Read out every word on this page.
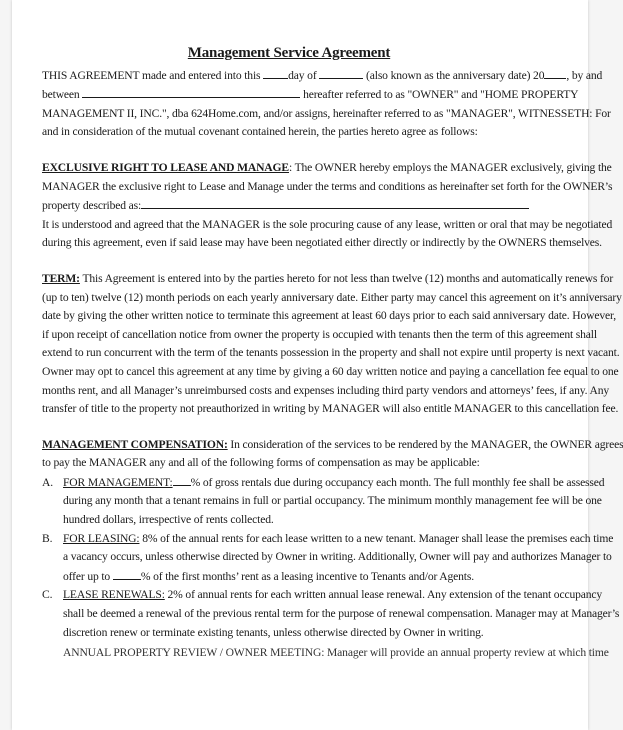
Management Service Agreement
THIS AGREEMENT made and entered into this day of	(also known as the anniversary date) 20 , by and
between	hereafter referred to as "OWNER" and "HOME PROPERTY
MANAGEMENT II, INC.", dba 624Home.com, and/or assigns, hereinafter referred to as "MANAGER", WITNESSETH: For
and in consideration of the mutual covenant contained herein, the parties hereto agree as follows:
EXCLUSIVE RIGHT TO LEASE AND MANAGE: The OWNER hereby employs the MANAGER exclusively, giving the
MANAGER the exclusive right to Lease and Manage under the terms and conditions as hereinafter set forth for the OWNER’s
property described as:
It is understood and agreed that the MANAGER is the sole procuring cause of any lease, written or oral that may be negotiated
during this agreement, even if said lease may have been negotiated either directly or indirectly by the OWNERS themselves.
TERM: This Agreement is entered into by the parties hereto for not less than twelve (12) months and automatically renews for
(up to ten) twelve (12) month periods on each yearly anniversary date. Either party may cancel this agreement on it’s anniversary
date by giving the other written notice to terminate this agreement at least 60 days prior to each said anniversary date. However,
if upon receipt of cancellation notice from owner the property is occupied with tenants then the term of this agreement shall
extend to run concurrent with the term of the tenants possession in the property and shall not expire until property is next vacant.
Owner may opt to cancel this agreement at any time by giving a 60 day written notice and paying a cancellation fee equal to one
months rent, and all Manager’s unreimbursed costs and expenses including third party vendors and attorneys’ fees, if any. Any
transfer of title to the property not preauthorized in writing by MANAGER will also entitle MANAGER to this cancellation fee.
MANAGEMENT COMPENSATION: In consideration of the services to be rendered by the MANAGER, the OWNER agrees
to pay the MANAGER any and all of the following forms of compensation as may be applicable:
A. FOR MANAGEMENT: % of gross rentals due during occupancy each month. The full monthly fee shall be assessed
during any month that a tenant remains in full or partial occupancy. The minimum monthly management fee will be one
hundred dollars, irrespective of rents collected.
B. FOR LEASING: 8% of the annual rents for each lease written to a new tenant. Manager shall lease the premises each time
a vacancy occurs, unless otherwise directed by Owner in writing. Additionally, Owner will pay and authorizes Manager to
offer up to % of the first months’ rent as a leasing incentive to Tenants and/or Agents.
C. LEASE RENEWALS: 2% of annual rents for each written annual lease renewal. Any extension of the tenant occupancy
shall be deemed a renewal of the previous rental term for the purpose of renewal compensation. Manager may at Manager’s
discretion renew or terminate existing tenants, unless otherwise directed by Owner in writing.
ANNUAL PROPERTY REVIEW / OWNER MEETING: Manager will provide an annual property review at which time
